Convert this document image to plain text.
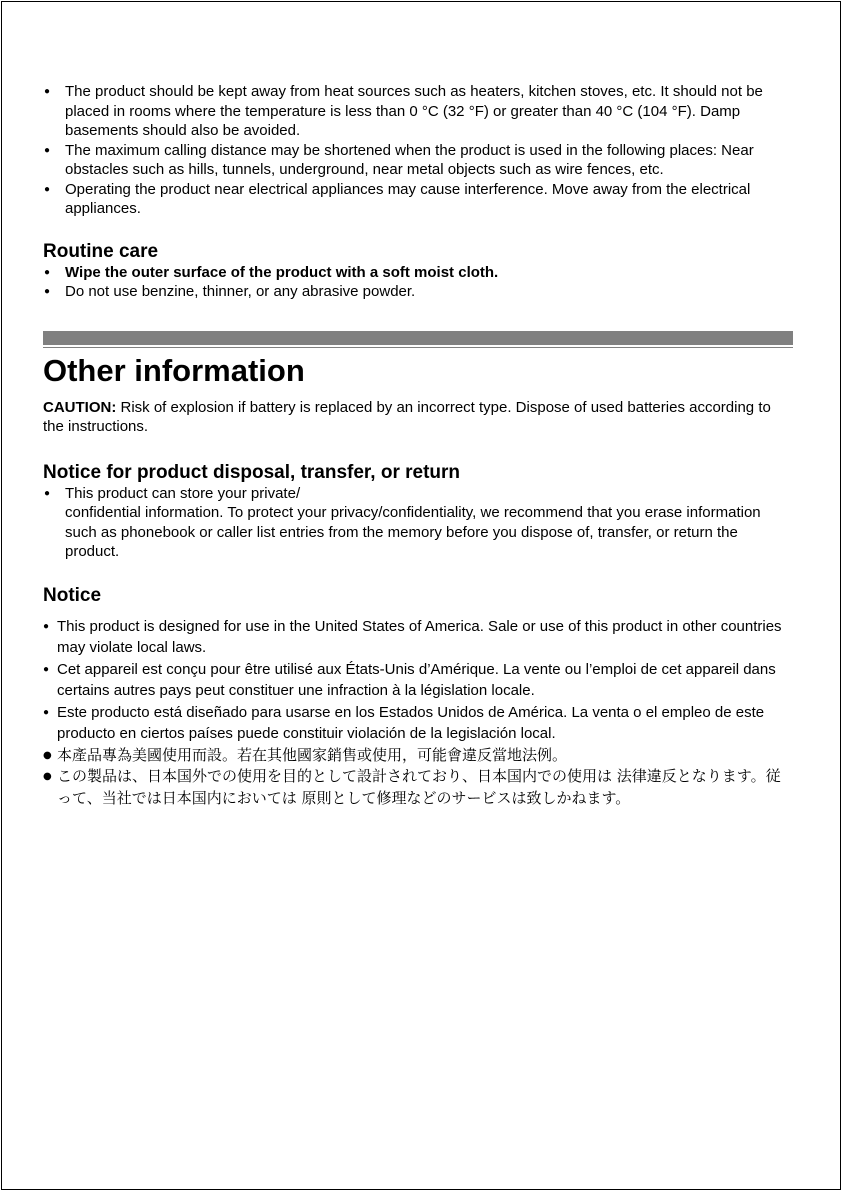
● The product should be kept away from heat sources such as heaters, kitchen stoves, etc. It should not be placed in rooms where the temperature is less than 0 °C (32 °F) or greater than 40 °C (104 °F). Damp basements should also be avoided.
● The maximum calling distance may be shortened when the product is used in the following places: Near obstacles such as hills, tunnels, underground, near metal objects such as wire fences, etc.
● Operating the product near electrical appliances may cause interference. Move away from the electrical appliances.
Routine care
● Wipe the outer surface of the product with a soft moist cloth.
● Do not use benzine, thinner, or any abrasive powder.
Other information

CAUTION: Risk of explosion if battery is replaced by an incorrect type. Dispose of used batteries according to the instructions.

Notice for product disposal, transfer, or return
● This product can store your private/
confidential information. To protect your privacy/confidentiality, we recommend that you erase information such as phonebook or caller list entries from the memory before you dispose of, transfer, or return the product.
Notice
● This product is designed for use in the United States of America. Sale or use of this product in other countries may violate local laws.
● Cet appareil est conçu pour être utilisé aux États-Unis d’Amérique. La vente ou l’emploi de cet appareil dans certains autres pays peut constituer une infraction à la législation locale.
● Este producto está diseñado para usarse en los Estados Unidos de América. La venta o el empleo de este producto en ciertos países puede constituir violación de la legislación local.
● 本產品專為美國使用而設。若在其他國家銷售或使用，可能會違反當地法例。
● この製品は、日本国外での使用を目的として設計されており、日本国内での使用は 法律違反となります。従って、当社では日本国内においては 原則として修理などのサービスは致しかねます。
